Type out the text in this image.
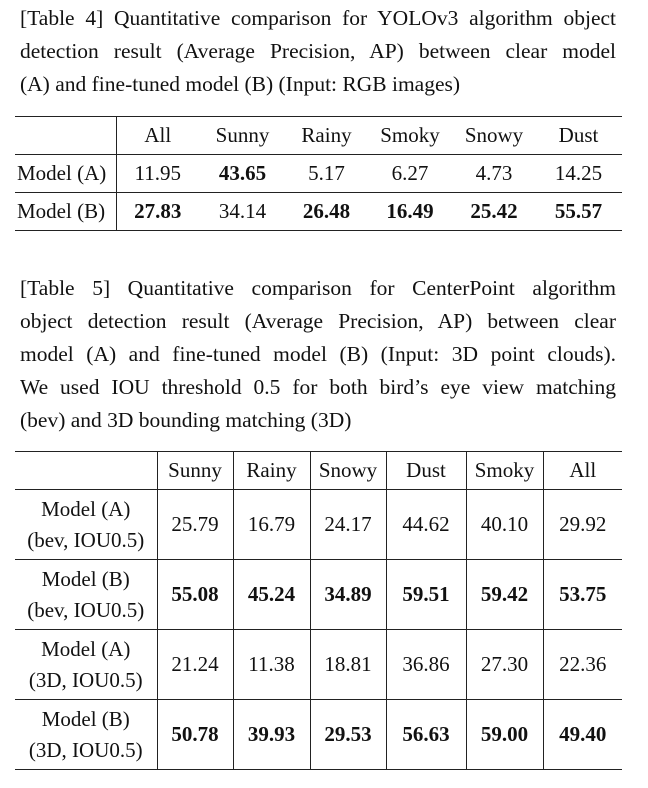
[Table 4] Quantitative comparison for YOLOv3 algorithm object
detection result (Average Precision, AP) between clear model
(A) and fine-tuned model (B) (Input: RGB images)
	All	Sunny	Rainy	Smoky	Snowy	Dust
Model (A)	11.95	43.65	5.17	6.27	4.73	14.25
Model (B)	27.83	34.14	26.48	16.49	25.42	55.57
[Table 5] Quantitative comparison for CenterPoint algorithm
object detection result (Average Precision, AP) between clear
model (A) and fine-tuned model (B) (Input: 3D point clouds).
We used IOU threshold 0.5 for both bird’s eye view matching
(bev) and 3D bounding matching (3D)
	Sunny	Rainy	Snowy	Dust	Smoky	All
Model (A)
(bev, IOU0.5)	25.79	16.79	24.17	44.62	40.10	29.92
Model (B)
(bev, IOU0.5)	55.08	45.24	34.89	59.51	59.42	53.75
Model (A)
(3D, IOU0.5)	21.24	11.38	18.81	36.86	27.30	22.36
Model (B)
(3D, IOU0.5)	50.78	39.93	29.53	56.63	59.00	49.40
